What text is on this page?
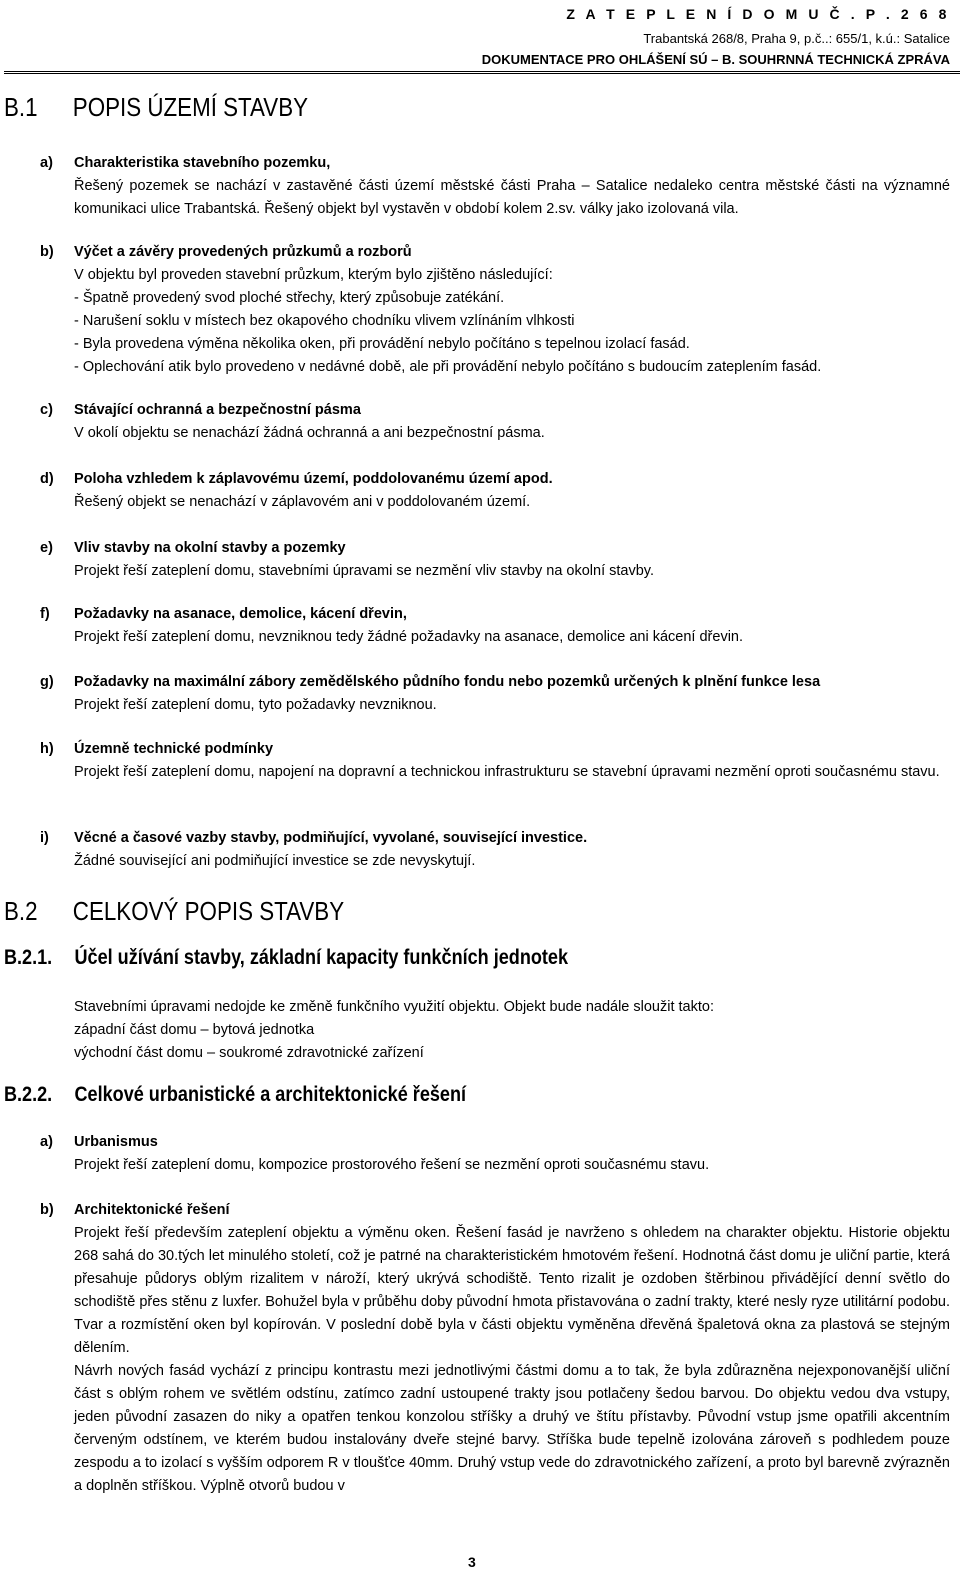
Z A T E P L E N Í D O M U Č . P . 2 6 8
Trabantská 268/8, Praha 9, p.č..: 655/1, k.ú.: Satalice
DOKUMENTACE PRO OHLÁŠENÍ SÚ – B. SOUHRNNÁ TECHNICKÁ ZPRÁVA
B.1 POPIS ÚZEMÍ STAVBY
a) Charakteristika stavebního pozemku,

Řešený pozemek se nachází v zastavěné části území městské části Praha – Satalice nedaleko centra městské části na významné komunikaci ulice Trabantská. Řešený objekt byl vystavěn v období kolem 2.sv. války jako izolovaná vila.

b) Výčet a závěry provedených průzkumů a rozborů

V objektu byl proveden stavební průzkum, kterým bylo zjištěno následující:

- Špatně provedený svod ploché střechy, který způsobuje zatékání.

- Narušení soklu v místech bez okapového chodníku vlivem vzlínáním vlhkosti

- Byla provedena výměna několika oken, při provádění nebylo počítáno s tepelnou izolací fasád.

- Oplechování atik bylo provedeno v nedávné době, ale při provádění nebylo počítáno s budoucím zateplením fasád.

c) Stávající ochranná a bezpečnostní pásma

V okolí objektu se nenachází žádná ochranná a ani bezpečnostní pásma.

d) Poloha vzhledem k záplavovému území, poddolovanému území apod.

Řešený objekt se nenachází v záplavovém ani v poddolovaném území.

e) Vliv stavby na okolní stavby a pozemky

Projekt řeší zateplení domu, stavebními úpravami se nezmění vliv stavby na okolní stavby.

f) Požadavky na asanace, demolice, kácení dřevin,

Projekt řeší zateplení domu, nevzniknou tedy žádné požadavky na asanace, demolice ani kácení dřevin.

g) Požadavky na maximální zábory zemědělského půdního fondu nebo pozemků určených k plnění funkce lesa

Projekt řeší zateplení domu, tyto požadavky nevzniknou.

h) Územně technické podmínky

Projekt řeší zateplení domu, napojení na dopravní a technickou infrastrukturu se stavební úpravami nezmění oproti současnému stavu.

i) Věcné a časové vazby stavby, podmiňující, vyvolané, související investice.

Žádné související ani podmiňující investice se zde nevyskytují.

B.2 CELKOVÝ POPIS STAVBY
B.2.1. Účel užívání stavby, základní kapacity funkčních jednotek

Stavebními úpravami nedojde ke změně funkčního využití objektu. Objekt bude nadále sloužit takto:

západní část domu – bytová jednotka

východní část domu – soukromé zdravotnické zařízení

B.2.2. Celkové urbanistické a architektonické řešení
a) Urbanismus

Projekt řeší zateplení domu, kompozice prostorového řešení se nezmění oproti současnému stavu.

b) Architektonické řešení

Projekt řeší především zateplení objektu a výměnu oken. Řešení fasád je navrženo s ohledem na charakter objektu. Historie objektu 268 sahá do 30.tých let minulého století, což je patrné na charakteristickém hmotovém řešení. Hodnotná část domu je uliční partie, která přesahuje půdorys oblým rizalitem v nároží, který ukrývá schodiště. Tento rizalit je ozdoben štěrbinou přivádějící denní světlo do schodiště přes stěnu z luxfer. Bohužel byla v průběhu doby původní hmota přistavována o zadní trakty, které nesly ryze utilitární podobu. Tvar a rozmístění oken byl kopírován. V poslední době byla v části objektu vyměněna dřevěná špaletová okna za plastová se stejným dělením.

Návrh nových fasád vychází z principu kontrastu mezi jednotlivými částmi domu a to tak, že byla zdůrazněna nejexponovanější uliční část s oblým rohem ve světlém odstínu, zatímco zadní ustoupené trakty jsou potlačeny šedou barvou. Do objektu vedou dva vstupy, jeden původní zasazen do niky a opatřen tenkou konzolou stříšky a druhý ve štítu přístavby. Původní vstup jsme opatřili akcentním červeným odstínem, ve kterém budou instalovány dveře stejné barvy. Stříška bude tepelně izolována zároveň s podhledem pouze zespodu a to izolací s vyšším odporem R v tloušťce 40mm. Druhý vstup vede do zdravotnického zařízení, a proto byl barevně zvýrazněn a doplněn stříškou. Výplně otvorů budou v

3
